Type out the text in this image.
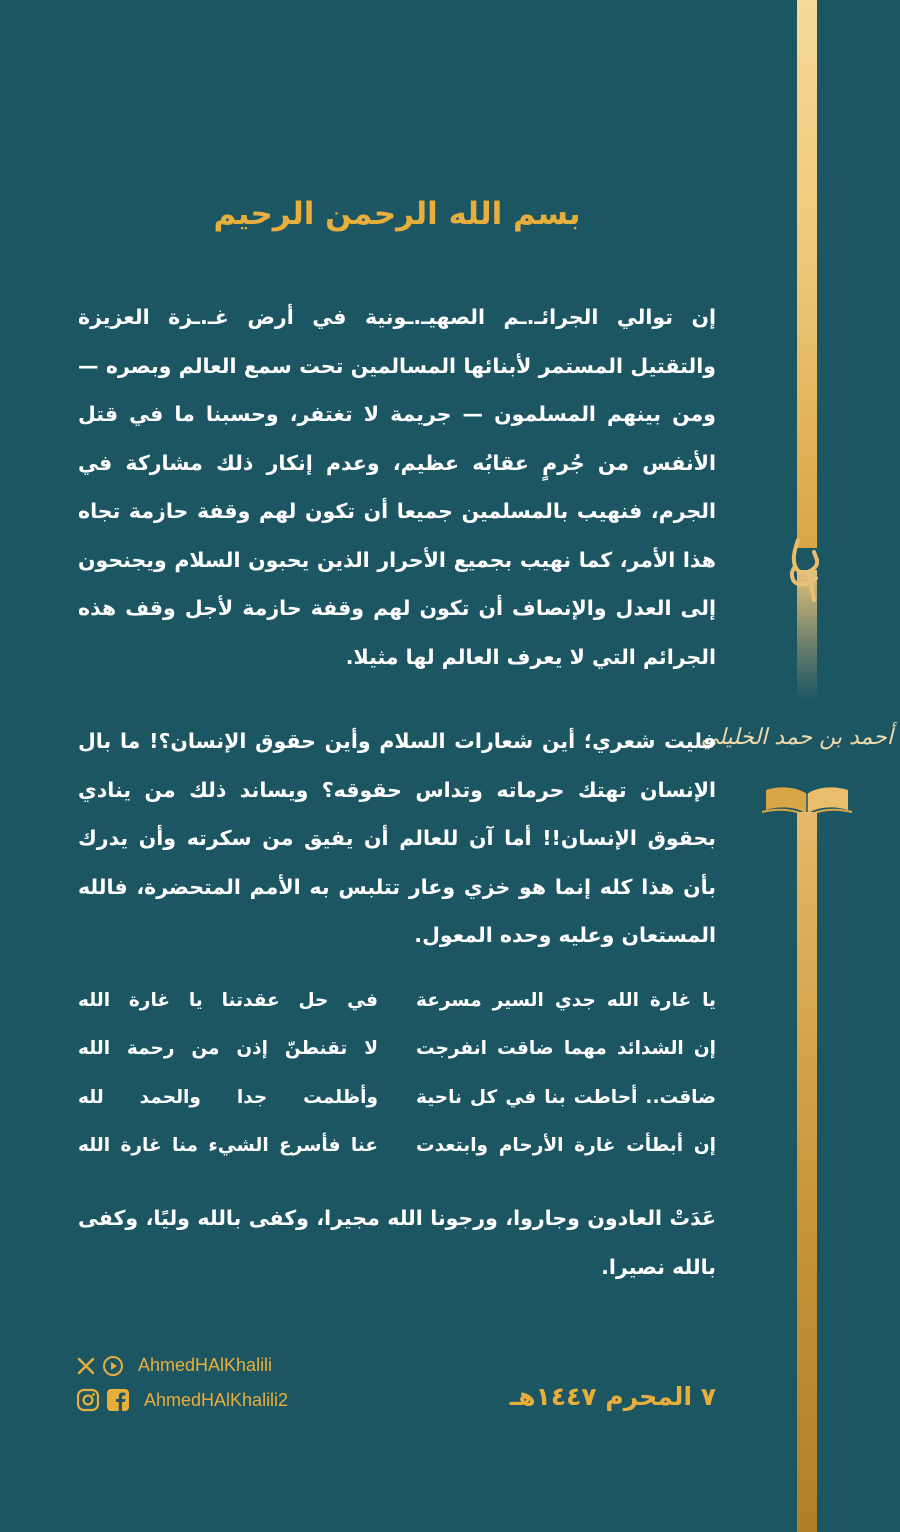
أحمد بن حمد الخليلي
بسم الله الرحمن الرحيم
إن توالي الجرائـ.ـم الصهيـ.ـونية في أرض غـ.ـزة العزيزة والتقتيل المستمر لأبنائها المسالمين تحت سمع العالم وبصره — ومن بينهم المسلمون — جريمة لا تغتفر، وحسبنا ما في قتل الأنفس من جُرمٍ عقابُه عظيم، وعدم إنكار ذلك مشاركة في الجرم، فنهيب بالمسلمين جميعا أن تكون لهم وقفة حازمة تجاه هذا الأمر، كما نهيب بجميع الأحرار الذين يحبون السلام ويجنحون إلى العدل والإنصاف أن تكون لهم وقفة حازمة لأجل وقف هذه الجرائم التي لا يعرف العالم لها مثيلا.
فليت شعري؛ أين شعارات السلام وأين حقوق الإنسان؟! ما بال الإنسان تهتك حرماته وتداس حقوقه؟ ويساند ذلك من ينادي بحقوق الإنسان!! أما آن للعالم أن يفيق من سكرته وأن يدرك بأن هذا كله إنما هو خزي وعار تتلبس به الأمم المتحضرة، فالله المستعان وعليه وحده المعول.
يا غارة الله جدي السير مسرعة
في حل عقدتنا يا غارة الله
إن الشدائد مهما ضاقت انفرجت
لا تقنطنّ إذن من رحمة الله
ضاقت.. أحاطت بنا في كل ناحية
وأظلمت جدا والحمد لله
إن أبطأت غارة الأرحام وابتعدت
عنا فأسرع الشيء منا غارة الله
عَدَتْ العادون وجاروا، ورجونا الله مجيرا، وكفى بالله وليًا، وكفى بالله نصيرا.
AhmedHAlKhalili
AhmedHAlKhalili2	٧ المحرم ١٤٤٧هـ
